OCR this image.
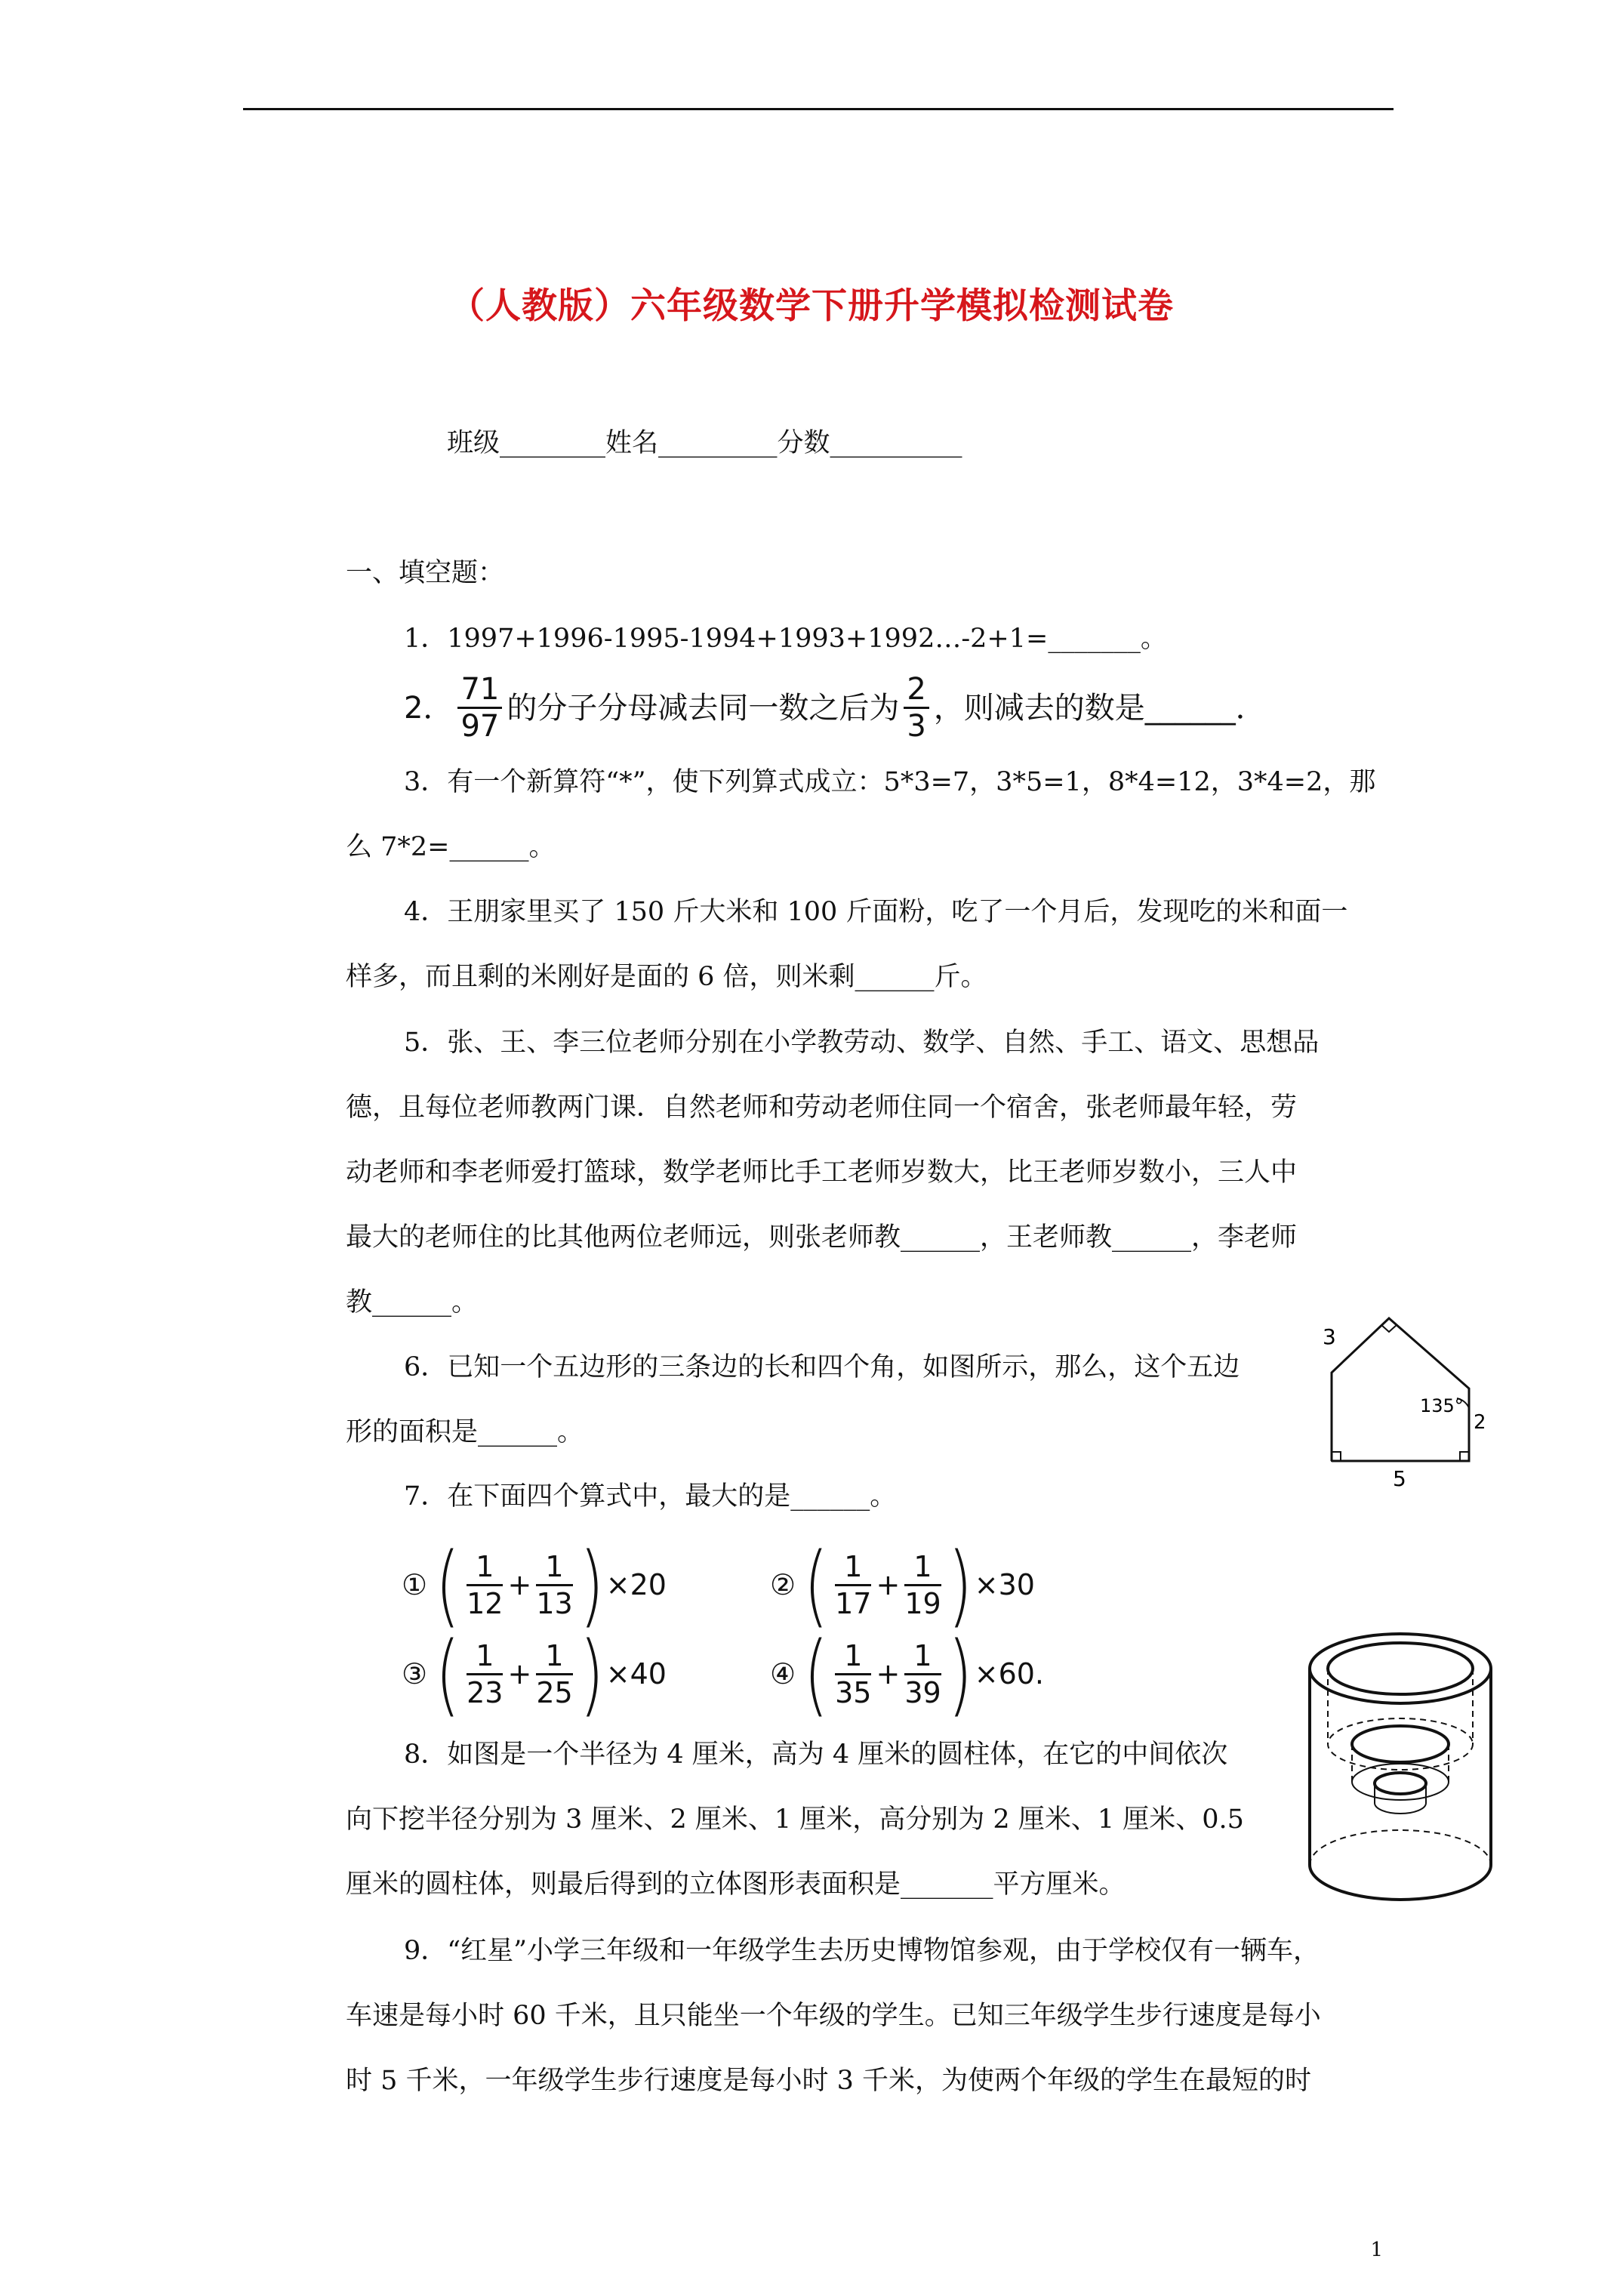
（人教版）六年级数学下册升学模拟检测试卷
班级________姓名_________分数__________
一、填空题：
1．1997+1996-1995-1994+1993+1992…-2+1=_______。
2． $\frac{71}{97}$ 的分子分母减去同一数之后为 $\frac{2}{3}$ ，则减去的数是______．
3．有一个新算符“*”，使下列算式成立：5*3=7，3*5=1，8*4=12，3*4=2，那
么 7*2=______。
4．王朋家里买了 150 斤大米和 100 斤面粉，吃了一个月后，发现吃的米和面一
样多，而且剩的米刚好是面的 6 倍，则米剩______斤。
5．张、王、李三位老师分别在小学教劳动、数学、自然、手工、语文、思想品
德，且每位老师教两门课．自然老师和劳动老师住同一个宿舍，张老师最年轻，劳
动老师和李老师爱打篮球，数学老师比手工老师岁数大，比王老师岁数小，三人中
最大的老师住的比其他两位老师远，则张老师教______，王老师教______，李老师
教______。
6．已知一个五边形的三条边的长和四个角，如图所示，那么，这个五边
形的面积是______。
3
135°
2
5
7．在下面四个算式中，最大的是______。
① ( $\frac{1}{12} + \frac{1}{13}$ ) ×20	② ( $\frac{1}{17} + \frac{1}{19}$ ) ×30
③ ( $\frac{1}{23} + \frac{1}{25}$ ) ×40	④ ( $\frac{1}{35} + \frac{1}{39}$ ) ×60.
8．如图是一个半径为 4 厘米，高为 4 厘米的圆柱体，在它的中间依次
向下挖半径分别为 3 厘米、2 厘米、1 厘米，高分别为 2 厘米、1 厘米、0.5
厘米的圆柱体，则最后得到的立体图形表面积是_______平方厘米。
9．“红星”小学三年级和一年级学生去历史博物馆参观，由于学校仅有一辆车，
车速是每小时 60 千米，且只能坐一个年级的学生。已知三年级学生步行速度是每小
时 5 千米，一年级学生步行速度是每小时 3 千米，为使两个年级的学生在最短的时
1
